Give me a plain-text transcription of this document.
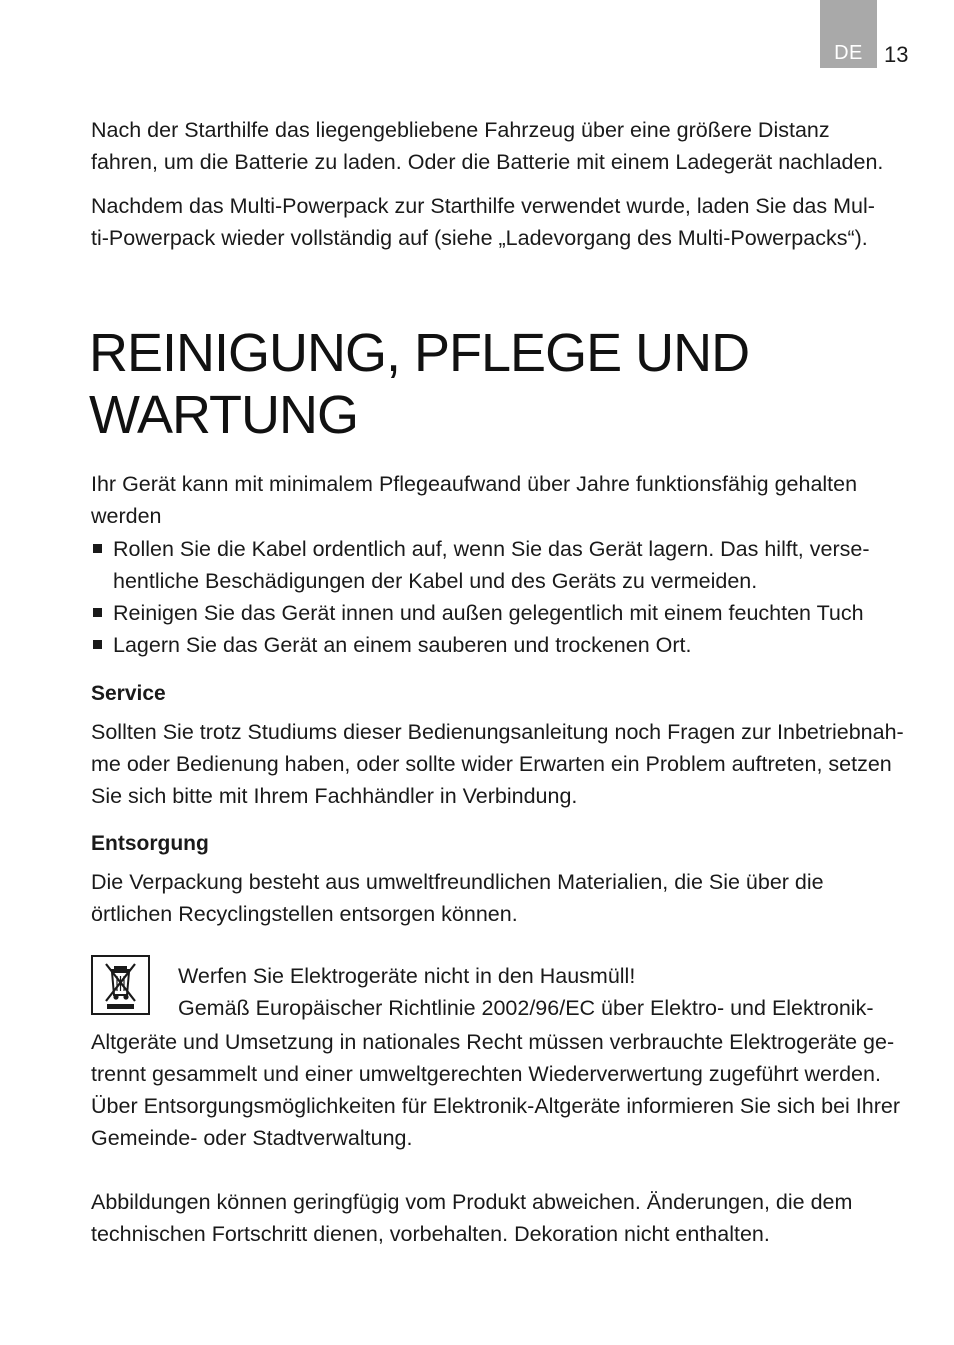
DE 13
Nach der Starthilfe das liegengebliebene Fahrzeug über eine größere Distanz
fahren, um die Batterie zu laden. Oder die Batterie mit einem Ladegerät nachladen.
Nachdem das Multi-Powerpack zur Starthilfe verwendet wurde, laden Sie das Mul-
ti-Powerpack wieder vollständig auf (siehe „Ladevorgang des Multi-Powerpacks“).
REINIGUNG, PFLEGE UND
WARTUNG
Ihr Gerät kann mit minimalem Pflegeaufwand über Jahre funktionsfähig gehalten
werden
Rollen Sie die Kabel ordentlich auf, wenn Sie das Gerät lagern. Das hilft, verse-
hentliche Beschädigungen der Kabel und des Geräts zu vermeiden.
Reinigen Sie das Gerät innen und außen gelegentlich mit einem feuchten Tuch
Lagern Sie das Gerät an einem sauberen und trockenen Ort.
Service
Sollten Sie trotz Studiums dieser Bedienungsanleitung noch Fragen zur Inbetriebnah-
me oder Bedienung haben, oder sollte wider Erwarten ein Problem auftreten, setzen
Sie sich bitte mit Ihrem Fachhändler in Verbindung.
Entsorgung
Die Verpackung besteht aus umweltfreundlichen Materialien, die Sie über die
örtlichen Recyclingstellen entsorgen können.
Werfen Sie Elektrogeräte nicht in den Hausmüll!
Gemäß Europäischer Richtlinie 2002/96/EC über Elektro- und Elektronik-
Altgeräte und Umsetzung in nationales Recht müssen verbrauchte Elektrogeräte ge-
trennt gesammelt und einer umweltgerechten Wiederverwertung zugeführt werden.
Über Entsorgungsmöglichkeiten für Elektronik-Altgeräte informieren Sie sich bei Ihrer
Gemeinde- oder Stadtverwaltung.
Abbildungen können geringfügig vom Produkt abweichen. Änderungen, die dem
technischen Fortschritt dienen, vorbehalten. Dekoration nicht enthalten.
